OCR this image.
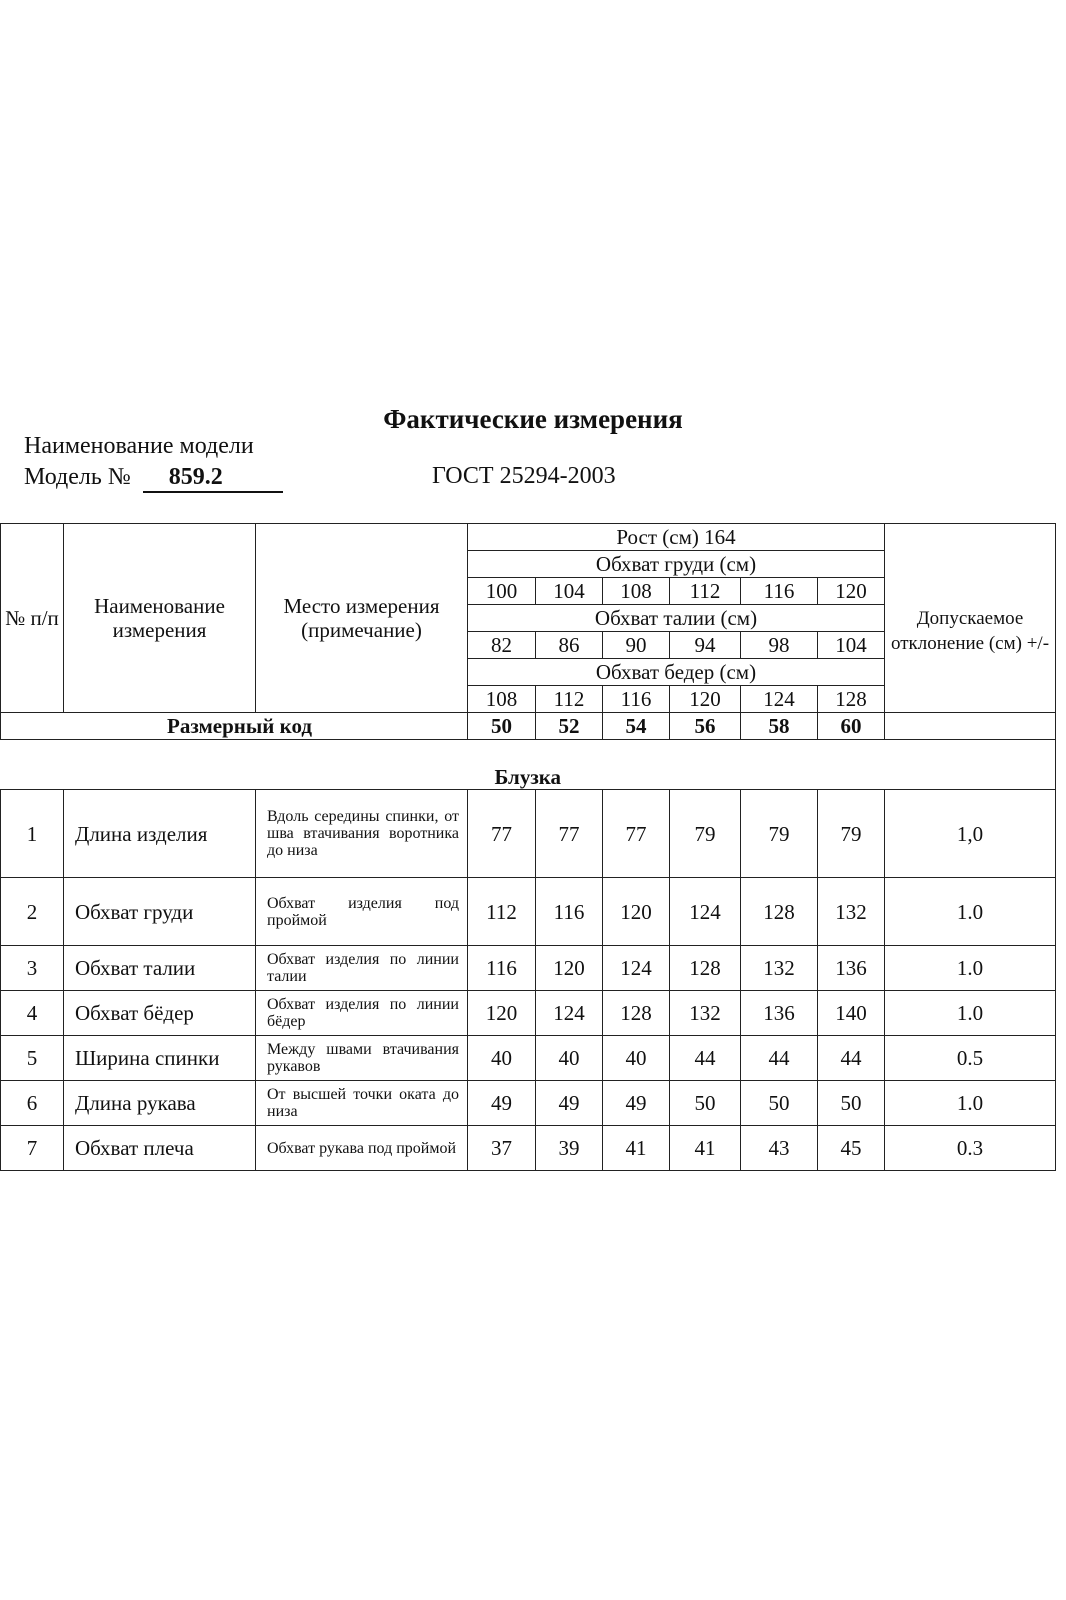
Фактические измерения
Наименование модели
Модель № 859.2	ГОСТ 25294-2003
№ п/п	Наименование измерения	Место измерения (примечание)	Рост (см) 164						
			Обхват груди (см)						Допускаемое отклонение (см) +/-
			100	104	108	112	116	120	
			Обхват талии (см)						
			82	86	90	94	98	104	
			Обхват бедер (см)						
			108	112	116	120	124	128	
Размерный код			50	52	54	56	58	60	
Блузка									
1	Длина изделия	Вдоль середины спинки, от шва втачивания воротника до низа	77	77	77	79	79	79	1,0
2	Обхват груди	Обхват изделия под проймой	112	116	120	124	128	132	1.0
3	Обхват талии	Обхват изделия по линии талии	116	120	124	128	132	136	1.0
4	Обхват бёдер	Обхват изделия по линии бёдер	120	124	128	132	136	140	1.0
5	Ширина спинки	Между швами втачивания рукавов	40	40	40	44	44	44	0.5
6	Длина рукава	От высшей точки оката до низа	49	49	49	50	50	50	1.0
7	Обхват плеча	Обхват рукава под проймой	37	39	41	41	43	45	0.3
